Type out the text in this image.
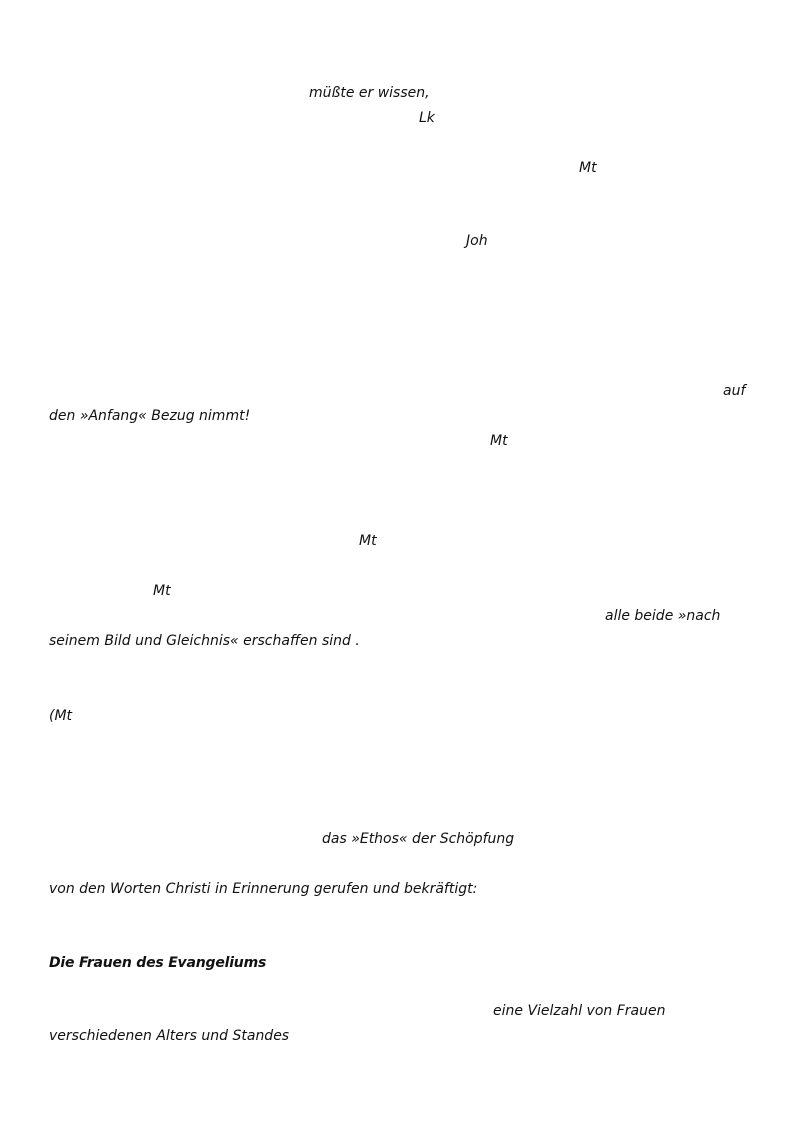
müßte er wissen,
Lk
Mt
Joh
auf
den »Anfang« Bezug nimmt!
Mt
Mt
Mt
alle beide »nach
seinem Bild und Gleichnis« erschaffen sind .
(Mt
das »Ethos« der Schöpfung
von den Worten Christi in Erinnerung gerufen und bekräftigt:
Die Frauen des Evangeliums
eine Vielzahl von Frauen
verschiedenen Alters und Standes
